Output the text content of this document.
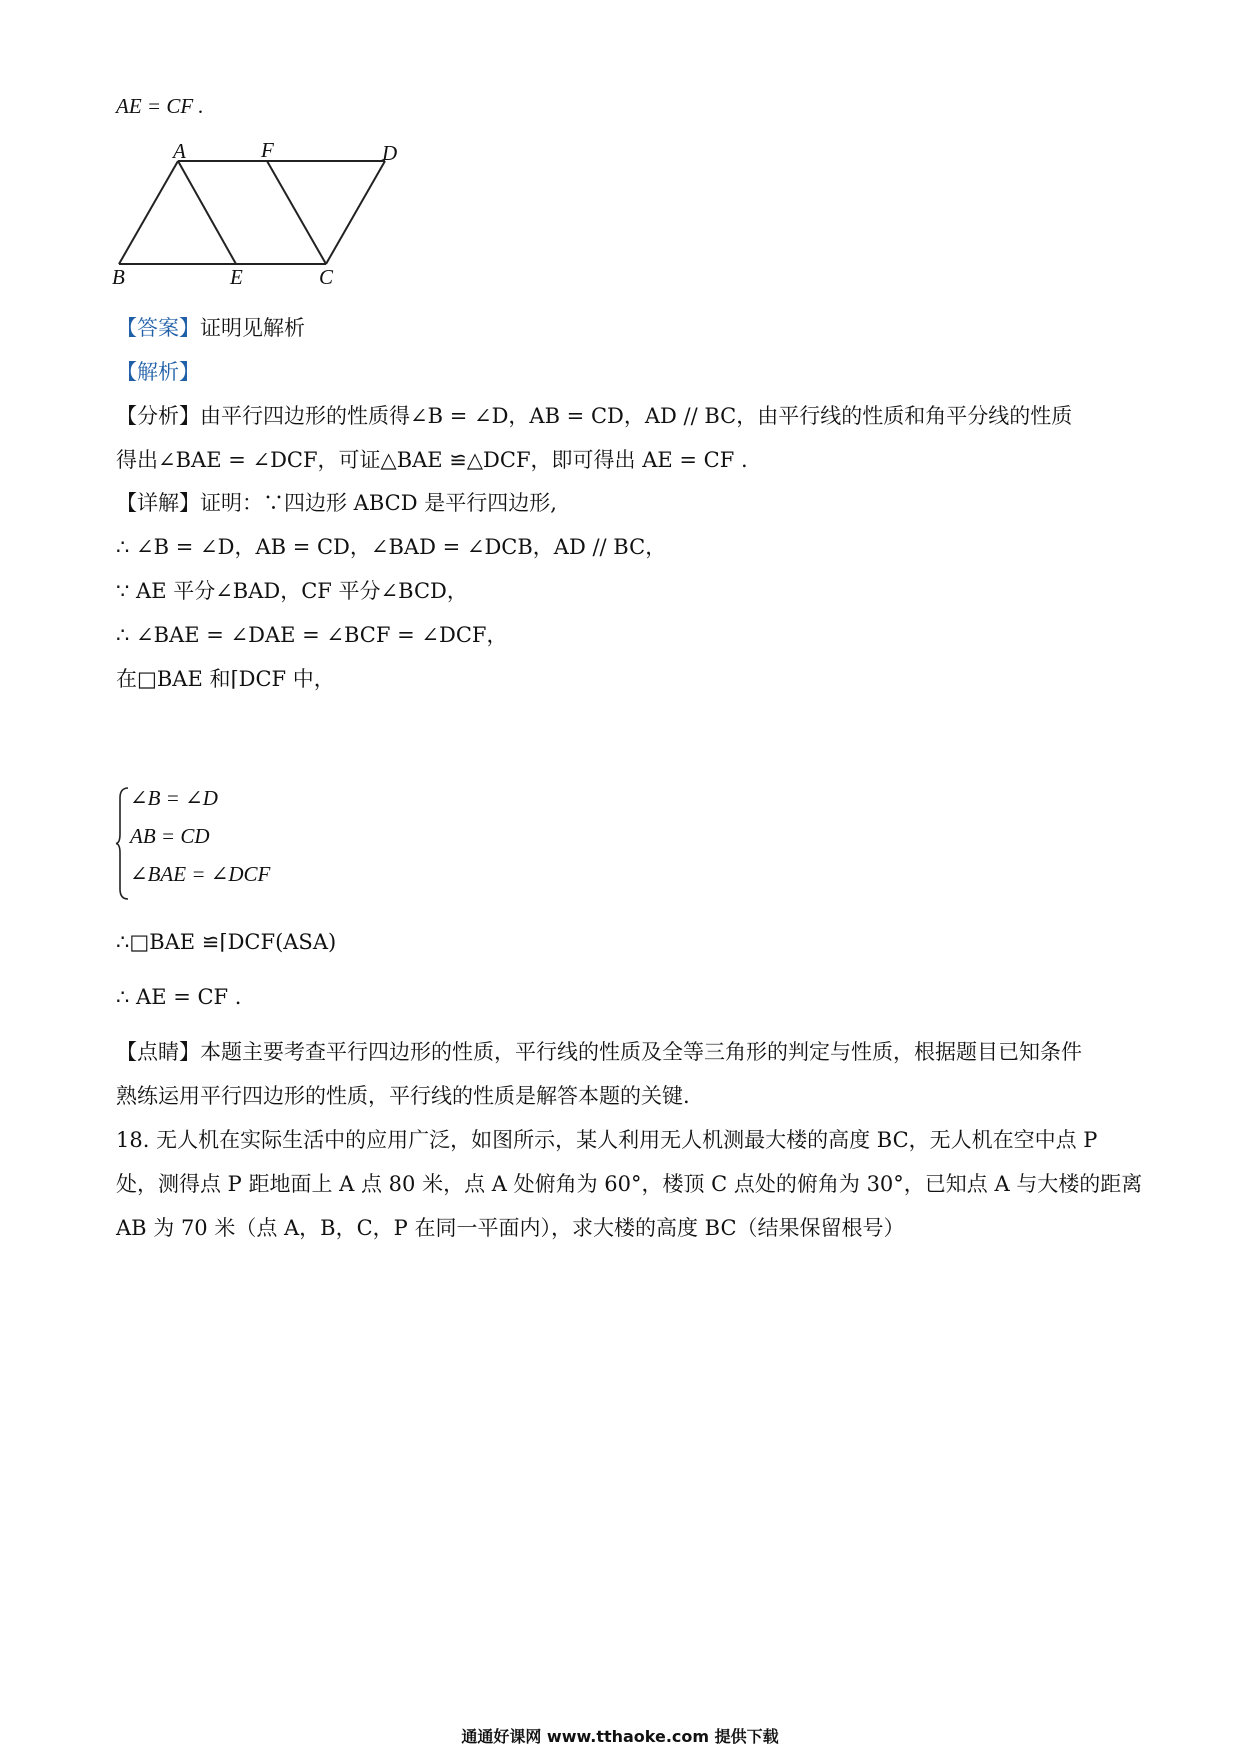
AE = CF .
A	F	D
B	E	C
【答案】证明见解析
【解析】
【分析】由平行四边形的性质得∠B = ∠D，AB = CD，AD // BC，由平行线的性质和角平分线的性质
得出∠BAE = ∠DCF，可证△BAE ≌△DCF，即可得出 AE = CF .
【详解】证明：∵四边形 ABCD 是平行四边形,
∴ ∠B = ∠D，AB = CD，∠BAD = ∠DCB，AD // BC，
∵ AE 平分∠BAD，CF 平分∠BCD，
∴ ∠BAE = ∠DAE = ∠BCF = ∠DCF，
在□BAE 和⌈DCF 中，
∠B = ∠D
AB = CD
∠BAE = ∠DCF
∴□BAE ≌⌈DCF(ASA)
∴ AE = CF .
【点睛】本题主要考查平行四边形的性质，平行线的性质及全等三角形的判定与性质，根据题目已知条件
熟练运用平行四边形的性质，平行线的性质是解答本题的关键.
18. 无人机在实际生活中的应用广泛，如图所示，某人利用无人机测最大楼的高度 BC，无人机在空中点 P
处，测得点 P 距地面上 A 点 80 米，点 A 处俯角为 60°，楼顶 C 点处的俯角为 30°，已知点 A 与大楼的距离
AB 为 70 米（点 A，B，C，P 在同一平面内），求大楼的高度 BC（结果保留根号）
通通好课网 www.tthaoke.com 提供下载
